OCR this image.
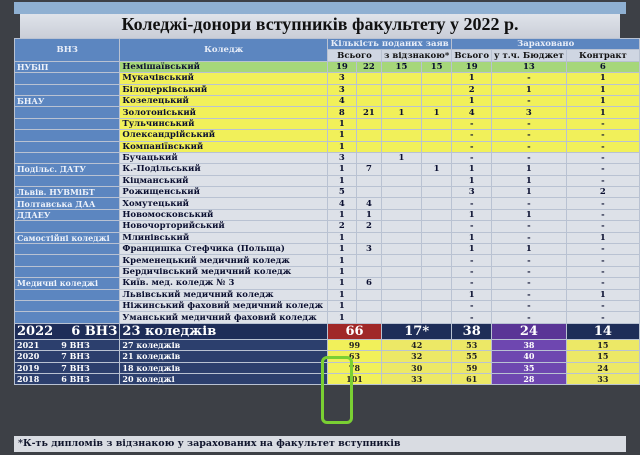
Коледжі-донори вступників факультету у 2022 р.
ВНЗ	Коледж	Кількість поданих заяв				Зараховано		
		Всього		з відзнакою*		Всього	у т.ч. Бюджет	Контракт
НУБіП	Немішаївський	19	22	15	15	19	13	6
	Мукачівський	3				1	-	1
	Білоцерківський	3				2	1	1
БНАУ	Козелецький	4				1	-	1
	Золотоніський	8	21	1	1	4	3	1
	Тульчинський	1				-	-	-
	Олександрійський	1				-	-	-
	Компаніївський	1				-	-	-
	Бучацький	3		1		-	-	-
Подільс. ДАТУ	К.-Подільський	1	7		1	1	1	-
	Кіцманський	1				1	1	-
Львів. НУВМіБТ	Рожищенський	5				3	1	2
Полтавська ДАА	Хомутецький	4	4			-	-	-
ДДАЕУ	Новомосковський	1	1			1	1	-
	Новочорторийський	2	2			-	-	-
Самостійні коледжі	Млинівський	1				1	-	1
	Францишка Стефчика (Польща)	1	3			1	1	-
	Кременецький медичний коледж	1				-	-	-
	Бердичівський медичний коледж	1				-	-	-
Медичні коледжі	Київ. мед. коледж № 3	1	6			-	-	-
	Львівський медичний коледж	1				1	-	1
	Ніжинський фаховий медичний коледж	1				-	-	-
	Уманський медичний фаховий коледж	1				-	-	-
2022 6 ВНЗ	23 коледжів	66		17*		38	24	14
2021 9 ВНЗ	27 коледжів	99		42		53	38	15
2020 7 ВНЗ	21 коледжів	63		32		55	40	15
2019 7 ВНЗ	18 коледжів	78		30		59	35	24
2018 6 ВНЗ	20 коледжі	101		33		61	28	33
*К-ть дипломів з відзнакою у зарахованих на факультет вступників
